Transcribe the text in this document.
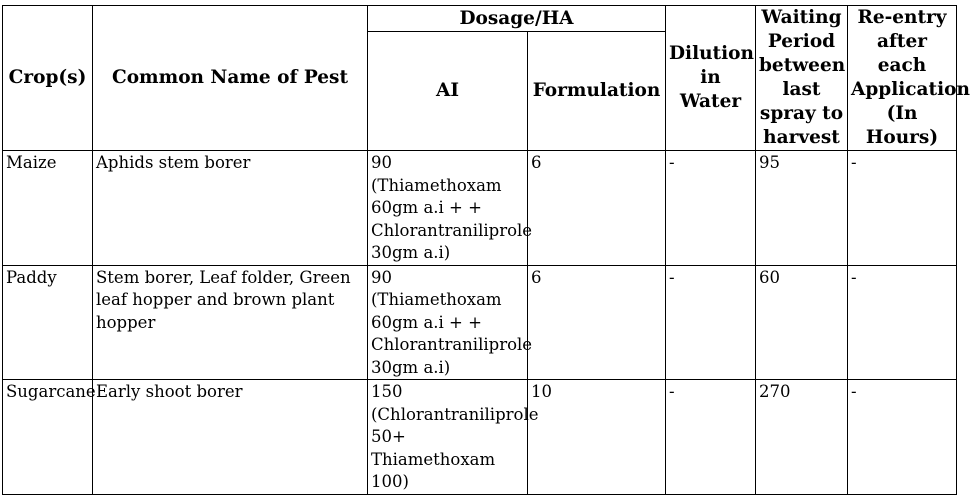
Crop(s)	Common Name of Pest	Dosage/HA		Dilution in Water	Waiting Period between last spray to harvest	Re-entry after each Application (In Hours)
		AI	Formulation			
Maize	Aphids stem borer	90 (Thiamethoxam 60gm a.i + + Chlorantraniliprole 30gm a.i)	6	-	95	-
Paddy	Stem borer, Leaf folder, Green leaf hopper and brown plant hopper	90 (Thiamethoxam 60gm a.i + + Chlorantraniliprole 30gm a.i)	6	-	60	-
Sugarcane	Early shoot borer	150 (Chlorantraniliprole 50+ Thiamethoxam 100)	10	-	270	-
